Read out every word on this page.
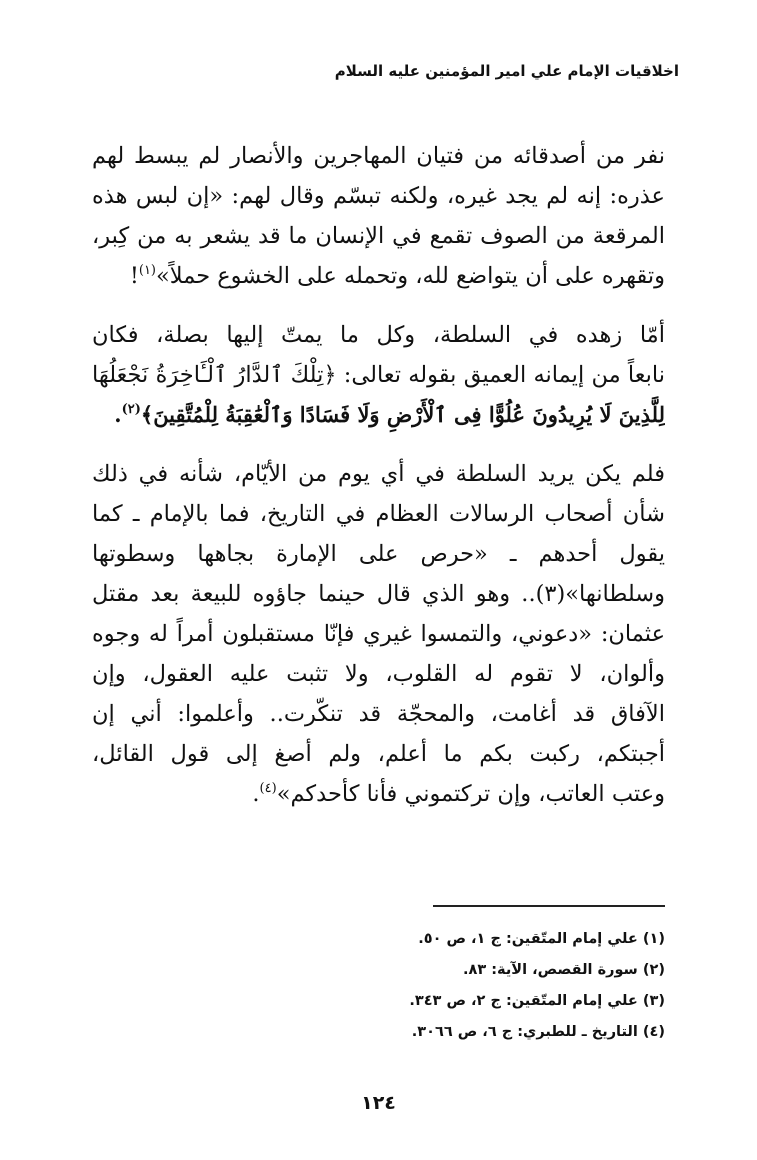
اخلاقيات الإمام علي امير المؤمنين عليه السلام
نفر من أصدقائه من فتيان المهاجرين والأنصار لم يبسط لهم
عذره: إنه لم يجد غيره، ولكنه تبسّم وقال لهم: «إن لبس هذه
المرقعة من الصوف تقمع في الإنسان ما قد يشعر به من كِبر،
وتقهره على أن يتواضع لله، وتحمله على الخشوع حملاً»$^{(١)}$!
أمّا زهده في السلطة، وكل ما يمتّ إليها بصلة، فكان
نابعاً من إيمانه العميق بقوله تعالى: ﴿تِلْكَ ٱلدَّارُ ٱلْـَٔاخِرَةُ نَجْعَلُهَا
لِلَّذِينَ لَا يُرِيدُونَ عُلُوًّا فِى ٱلْأَرْضِ وَلَا فَسَادًا وَٱلْعَٰقِبَةُ لِلْمُتَّقِينَ﴾$^{(٢)}$.
فلم يكن يريد السلطة في أي يوم من الأيّام، شأنه في ذلك
شأن أصحاب الرسالات العظام في التاريخ، فما بالإمام ـ كما
يقول أحدهم ـ «حرص على الإمارة بجاهها وسطوتها
وسلطانها»(٣).. وهو الذي قال حينما جاؤوه للبيعة بعد مقتل
عثمان: «دعوني، والتمسوا غيري فإنّا مستقبلون أمراً له وجوه
وألوان، لا تقوم له القلوب، ولا تثبت عليه العقول، وإن
الآفاق قد أغامت، والمحجّة قد تنكّرت.. وأعلموا: أني إن
أجبتكم، ركبت بكم ما أعلم، ولم أصغ إلى قول القائل،
وعتب العاتب، وإن تركتموني فأنا كأحدكم»$^{(٤)}$.
(١) علي إمام المتّقين: ج ١، ص ٥٠.
(٢) سورة القصص، الآية: ٨٣.
(٣) علي إمام المتّقين: ج ٢، ص ٣٤٣.
(٤) التاريخ ـ للطبري: ج ٦، ص ٣٠٦٦.
١٢٤
